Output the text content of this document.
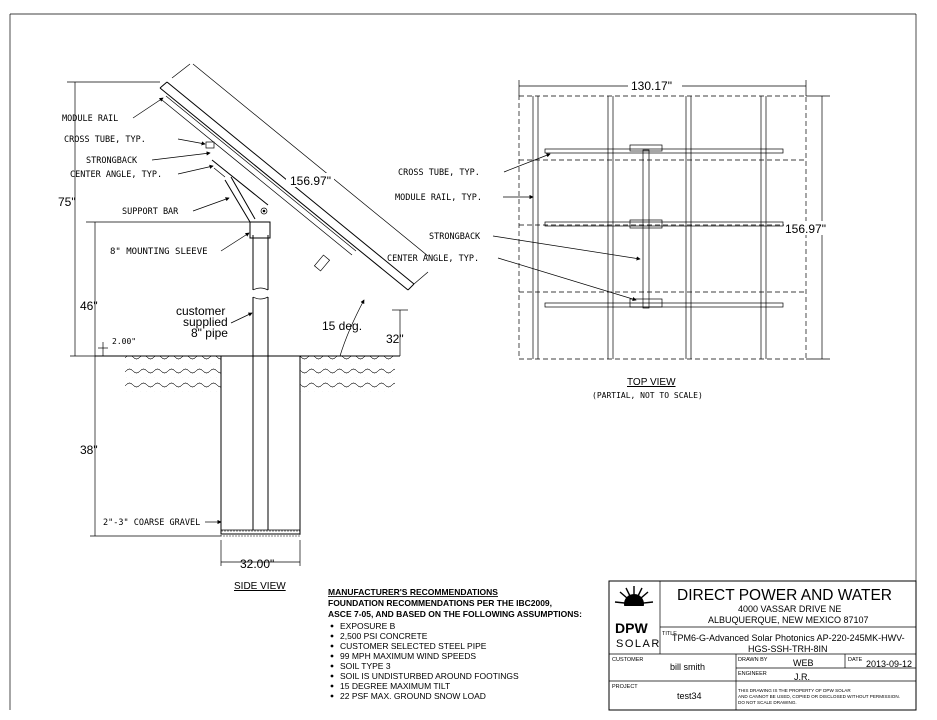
MODULE RAIL
CROSS TUBE, TYP.
STRONGBACK
CENTER ANGLE, TYP.
SUPPORT BAR
8" MOUNTING SLEEVE
customer
supplied
8" pipe
2"-3" COARSE GRAVEL
75"
46"
2.00"
38"
156.97"
15 deg.
32"
32.00"
SIDE VIEW
CROSS TUBE, TYP.
MODULE RAIL, TYP.
STRONGBACK
CENTER ANGLE, TYP.
130.17"
156.97"
TOP VIEW
(PARTIAL, NOT TO SCALE)
MANUFACTURER'S RECOMMENDATIONS
FOUNDATION RECOMMENDATIONS PER THE IBC2009,
ASCE 7-05, AND BASED ON THE FOLLOWING ASSUMPTIONS:
EXPOSURE B
2,500 PSI CONCRETE
CUSTOMER SELECTED STEEL PIPE
99 MPH MAXIMUM WIND SPEEDS
SOIL TYPE 3
SOIL IS UNDISTURBED AROUND FOOTINGS
15 DEGREE MAXIMUM TILT
22 PSF MAX. GROUND SNOW LOAD
DPW
SOLAR
DIRECT POWER AND WATER
4000 VASSAR DRIVE NE
ALBUQUERQUE, NEW MEXICO 87107
TITLE
TPM6-G-Advanced Solar Photonics AP-220-245MK-HWV-
HGS-SSH-TRH-8IN
CUSTOMER
bill smith
DRAWN BY	WEB	DATE 2013-09-12
ENGINEER	J.R.
PROJECT
test34
THIS DRAWING IS THE PROPERTY OF DPW SOLAR
AND CANNOT BE USED, COPIED OR DISCLOSED WITHOUT PERMISSION.
DO NOT SCALE DRAWING.
